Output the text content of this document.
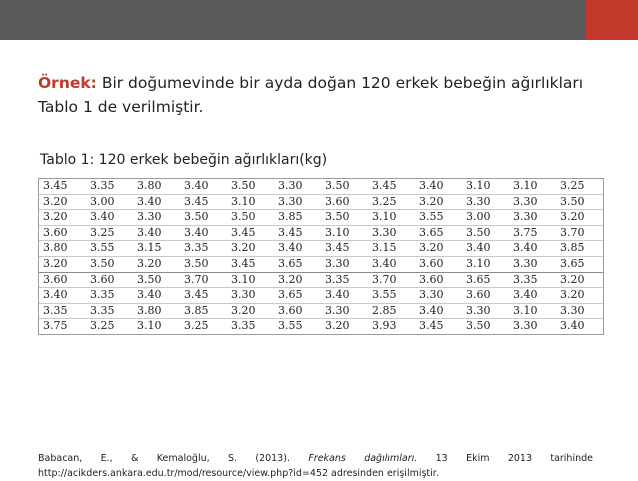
Örnek: Bir doğumevinde bir ayda doğan 120 erkek bebeğin ağırlıkları
Tablo 1 de verilmiştir.
Tablo 1: 120 erkek bebeğin ağırlıkları(kg)
3.45	3.35	3.80	3.40	3.50	3.30	3.50	3.45	3.40	3.10	3.10	3.25
3.20	3.00	3.40	3.45	3.10	3.30	3.60	3.25	3.20	3.30	3.30	3.50
3.20	3.40	3.30	3.50	3.50	3.85	3.50	3.10	3.55	3.00	3.30	3.20
3.60	3.25	3.40	3.40	3.45	3.45	3.10	3.30	3.65	3.50	3.75	3.70
3.80	3.55	3.15	3.35	3.20	3.40	3.45	3.15	3.20	3.40	3.40	3.85
3.20	3.50	3.20	3.50	3.45	3.65	3.30	3.40	3.60	3.10	3.30	3.65
3.60	3.60	3.50	3.70	3.10	3.20	3.35	3.70	3.60	3.65	3.35	3.20
3.40	3.35	3.40	3.45	3.30	3.65	3.40	3.55	3.30	3.60	3.40	3.20
3.35	3.35	3.80	3.85	3.20	3.60	3.30	2.85	3.40	3.30	3.10	3.30
3.75	3.25	3.10	3.25	3.35	3.55	3.20	3.93	3.45	3.50	3.30	3.40
Babacan, E., & Kemaloğlu, S. (2013). Frekans dağılımları. 13 Ekim 2013 tarihinde
http://acikders.ankara.edu.tr/mod/resource/view.php?id=452 adresinden erişilmiştir.
